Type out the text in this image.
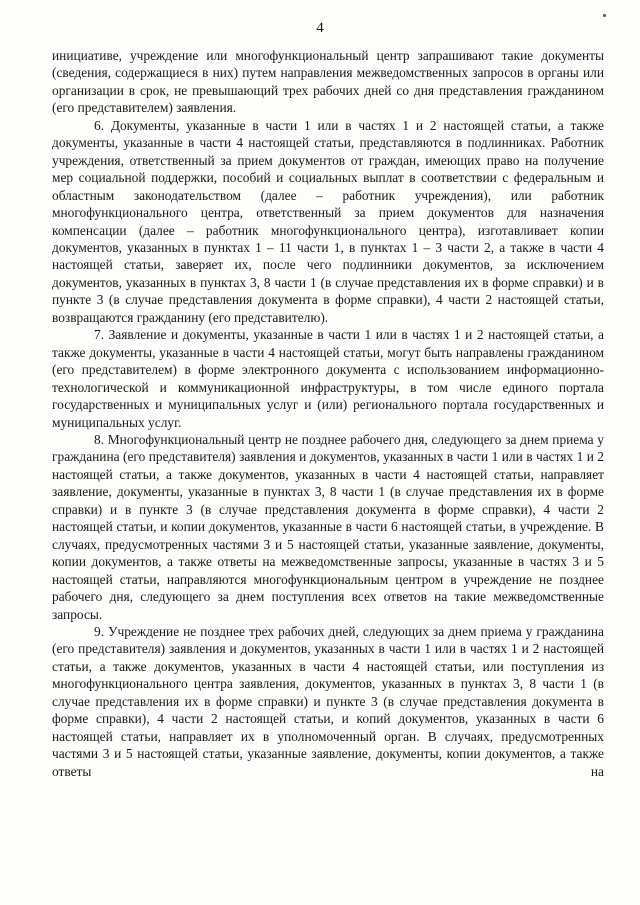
4

инициативе, учреждение или многофункциональный центр запрашивают такие документы (сведения, содержащиеся в них) путем направления межведомственных запросов в органы или организации в срок, не превышающий трех рабочих дней со дня представления гражданином (его представителем) заявления.

6. Документы, указанные в части 1 или в частях 1 и 2 настоящей статьи, а также документы, указанные в части 4 настоящей статьи, представляются в подлинниках. Работник учреждения, ответственный за прием документов от граждан, имеющих право на получение мер социальной поддержки, пособий и социальных выплат в соответствии с федеральным и областным законодательством (далее – работник учреждения), или работник многофункционального центра, ответственный за прием документов для назначения компенсации (далее – работник многофункционального центра), изготавливает копии документов, указанных в пунктах 1 – 11 части 1, в пунктах 1 – 3 части 2, а также в части 4 настоящей статьи, заверяет их, после чего подлинники документов, за исключением документов, указанных в пунктах 3, 8 части 1 (в случае представления их в форме справки) и в пункте 3 (в случае представления документа в форме справки), 4 части 2 настоящей статьи, возвращаются гражданину (его представителю).

7. Заявление и документы, указанные в части 1 или в частях 1 и 2 настоящей статьи, а также документы, указанные в части 4 настоящей статьи, могут быть направлены гражданином (его представителем) в форме электронного документа с использованием информационно-технологической и коммуникационной инфраструктуры, в том числе единого портала государственных и муниципальных услуг и (или) регионального портала государственных и муниципальных услуг.

8. Многофункциональный центр не позднее рабочего дня, следующего за днем приема у гражданина (его представителя) заявления и документов, указанных в части 1 или в частях 1 и 2 настоящей статьи, а также документов, указанных в части 4 настоящей статьи, направляет заявление, документы, указанные в пунктах 3, 8 части 1 (в случае представления их в форме справки) и в пункте 3 (в случае представления документа в форме справки), 4 части 2 настоящей статьи, и копии документов, указанные в части 6 настоящей статьи, в учреждение. В случаях, предусмотренных частями 3 и 5 настоящей статьи, указанные заявление, документы, копии документов, а также ответы на межведомственные запросы, указанные в частях 3 и 5 настоящей статьи, направляются многофункциональным центром в учреждение не позднее рабочего дня, следующего за днем поступления всех ответов на такие межведомственные запросы.

9. Учреждение не позднее трех рабочих дней, следующих за днем приема у гражданина (его представителя) заявления и документов, указанных в части 1 или в частях 1 и 2 настоящей статьи, а также документов, указанных в части 4 настоящей статьи, или поступления из многофункционального центра заявления, документов, указанных в пунктах 3, 8 части 1 (в случае представления их в форме справки) и пункте 3 (в случае представления документа в форме справки), 4 части 2 настоящей статьи, и копий документов, указанных в части 6 настоящей статьи, направляет их в уполномоченный орган. В случаях, предусмотренных частями 3 и 5 настоящей статьи, указанные заявление, документы, копии документов, а также ответы на
